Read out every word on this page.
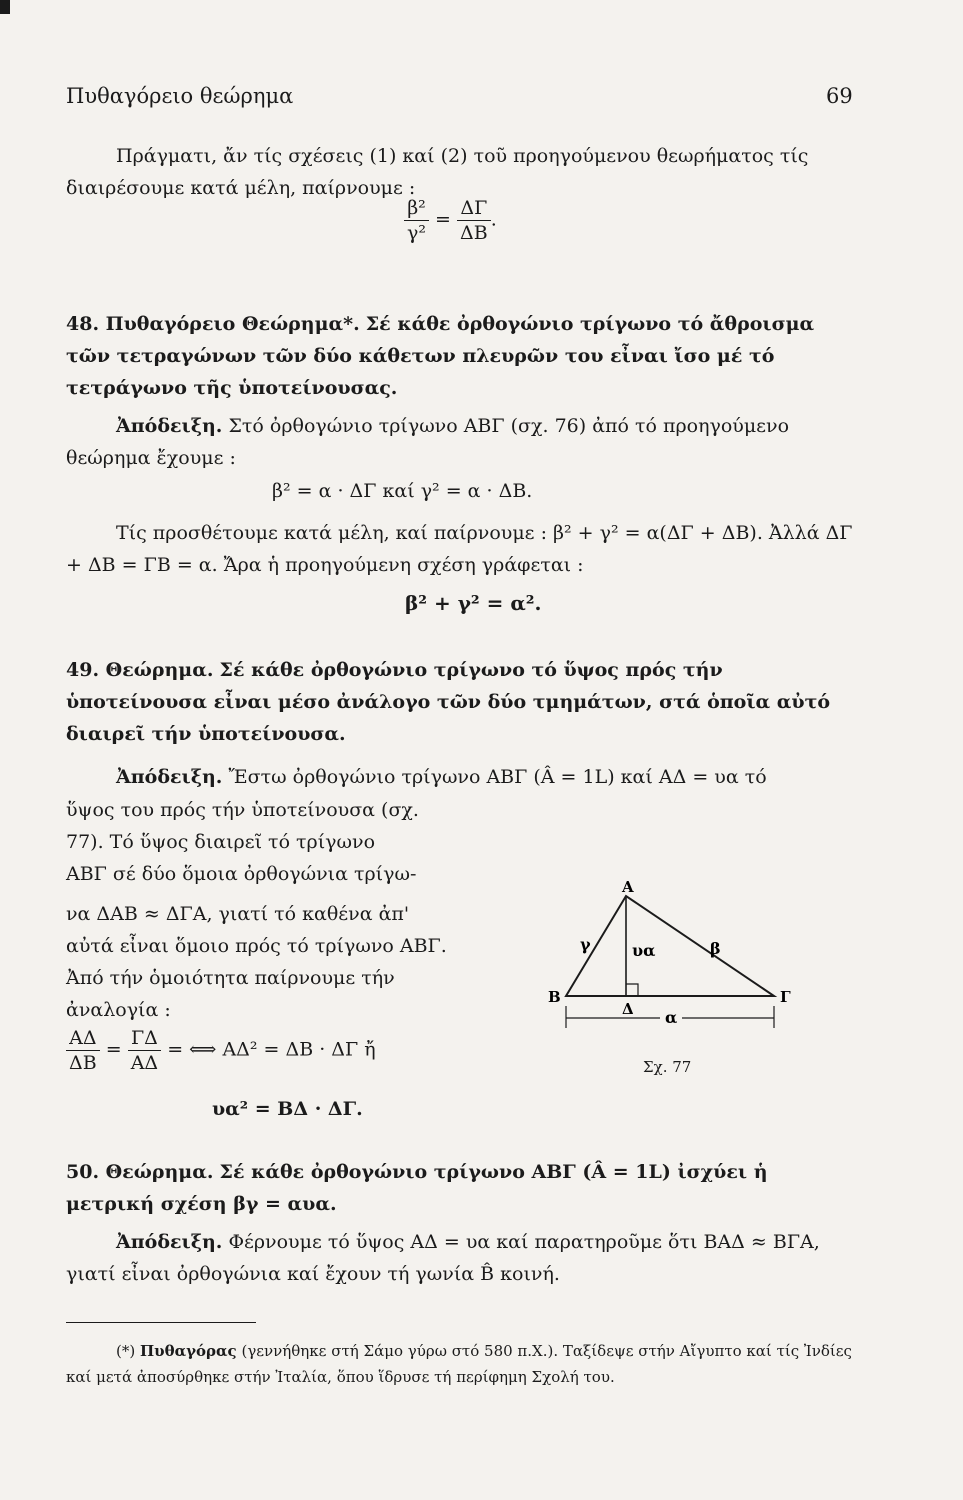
Πυθαγόρειο θεώρημα	69

Πράγματι, ἄν τίς σχέσεις (1) καί (2) τοῦ προηγούμενου θεωρήματος τίς διαιρέσουμε κατά μέλη, παίρνουμε :

$\frac{\text{β²}}{\text{γ²}} = \frac{\Delta\Gamma}{\Delta B}$ .

48. Πυθαγόρειο Θεώρημα*. Σέ κάθε ὀρθογώνιο τρίγωνο τό ἄθροισμα τῶν τετραγώνων τῶν δύο κάθετων πλευρῶν του εἶναι ἴσο μέ τό τετράγωνο τῆς ὑποτείνουσας.

Ἀπόδειξη. Στό ὀρθογώνιο τρίγωνο ΑΒΓ (σχ. 76) ἀπό τό προηγούμενο θεώρημα ἔχουμε :

β² = α · ΔΓ καί γ² = α · ΔΒ.

Τίς προσθέτουμε κατά μέλη, καί παίρνουμε : β² + γ² = α(ΔΓ + ΔΒ). Ἀλλά ΔΓ + ΔΒ = ΓΒ = α. Ἄρα ἡ προηγούμενη σχέση γράφεται :

β² + γ² = α².

49. Θεώρημα. Σέ κάθε ὀρθογώνιο τρίγωνο τό ὕψος πρός τήν ὑποτείνουσα εἶναι μέσο ἀνάλογο τῶν δύο τμημάτων, στά ὁποῖα αὐτό διαιρεῖ τήν ὑποτείνουσα.

Ἀπόδειξη. Ἔστω ὀρθογώνιο τρίγωνο ΑΒΓ (Â = 1L) καί ΑΔ = υα τό
ὕψος του πρός τήν ὑποτείνουσα (σχ.
77). Τό ὕψος διαιρεῖ τό τρίγωνο
ΑΒΓ σέ δύο ὅμοια ὀρθογώνια τρίγω-
να ΔΑΒ ≈ ΔΓΑ, γιατί τό καθένα ἀπ'
αὐτά εἶναι ὅμοιο πρός τό τρίγωνο ΑΒΓ.
Ἀπό τήν ὁμοιότητα παίρνουμε τήν
ἀναλογία :
$\frac{A\Delta}{\Delta B} = \frac{\Gamma\Delta}{A\Delta}$ = ⟺ ΑΔ² = ΔΒ · ΔΓ ἤ
υα² = ΒΔ · ΔΓ.
Α
Β	Γ
Δ
γ	β
υα
α
Σχ. 77

50. Θεώρημα. Σέ κάθε ὀρθογώνιο τρίγωνο ΑΒΓ (Â = 1L) ἰσχύει ἡ μετρική σχέση βγ = αυα.

Ἀπόδειξη. Φέρνουμε τό ὕψος ΑΔ = υα καί παρατηροῦμε ὅτι ΒΑΔ ≈ ΒΓΑ, γιατί εἶναι ὀρθογώνια καί ἔχουν τή γωνία B̂ κοινή.

(*) Πυθαγόρας (γεννήθηκε στή Σάμο γύρω στό 580 π.Χ.). Ταξίδεψε στήν Αἴγυπτο καί τίς Ἰνδίες καί μετά ἀποσύρθηκε στήν Ἰταλία, ὅπου ἵδρυσε τή περίφημη Σχολή του.
